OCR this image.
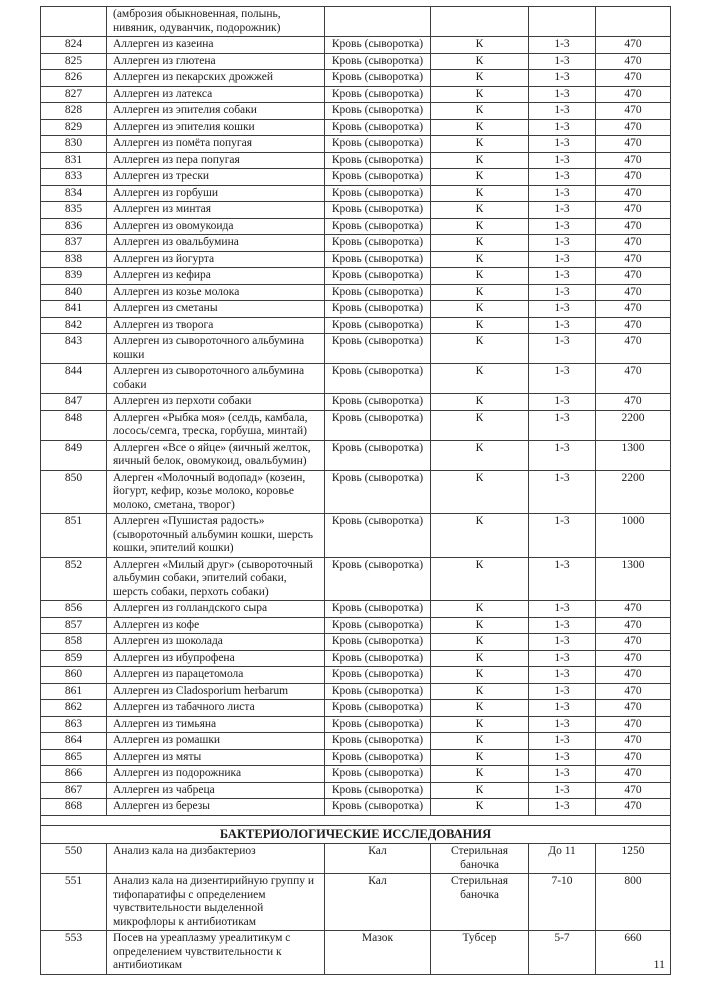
	(амброзия обыкновенная, полынь, нивяник, одуванчик, подорожник)				
824	Аллерген из казеина	Кровь (сыворотка)	К	1-3	470
825	Аллерген из глютена	Кровь (сыворотка)	К	1-3	470
826	Аллерген из пекарских дрожжей	Кровь (сыворотка)	К	1-3	470
827	Аллерген из латекса	Кровь (сыворотка)	К	1-3	470
828	Аллерген из эпителия собаки	Кровь (сыворотка)	К	1-3	470
829	Аллерген из эпителия кошки	Кровь (сыворотка)	К	1-3	470
830	Аллерген из помёта попугая	Кровь (сыворотка)	К	1-3	470
831	Аллерген из пера попугая	Кровь (сыворотка)	К	1-3	470
833	Аллерген из трески	Кровь (сыворотка)	К	1-3	470
834	Аллерген из горбуши	Кровь (сыворотка)	К	1-3	470
835	Аллерген из минтая	Кровь (сыворотка)	К	1-3	470
836	Аллерген из овомукоида	Кровь (сыворотка)	К	1-3	470
837	Аллерген из овальбумина	Кровь (сыворотка)	К	1-3	470
838	Аллерген из йогурта	Кровь (сыворотка)	К	1-3	470
839	Аллерген из кефира	Кровь (сыворотка)	К	1-3	470
840	Аллерген из козье молока	Кровь (сыворотка)	К	1-3	470
841	Аллерген из сметаны	Кровь (сыворотка)	К	1-3	470
842	Аллерген из творога	Кровь (сыворотка)	К	1-3	470
843	Аллерген из сывороточного альбумина кошки	Кровь (сыворотка)	К	1-3	470
844	Аллерген из сывороточного альбумина собаки	Кровь (сыворотка)	К	1-3	470
847	Аллерген из перхоти собаки	Кровь (сыворотка)	К	1-3	470
848	Аллерген «Рыбка моя» (селдь, камбала, лосось/семга, треска, горбуша, минтай)	Кровь (сыворотка)	К	1-3	2200
849	Аллерген «Все о яйце» (яичный желток, яичный белок, овомукоид, овальбумин)	Кровь (сыворотка)	К	1-3	1300
850	Алерген «Молочный водопад» (козеин, йогурт, кефир, козье молоко, коровье молоко, сметана, творог)	Кровь (сыворотка)	К	1-3	2200
851	Аллерген «Пушистая радость» (сывороточный альбумин кошки, шерсть кошки, эпителий кошки)	Кровь (сыворотка)	К	1-3	1000
852	Аллерген «Милый друг» (сывороточный альбумин собаки, эпителий собаки, шерсть собаки, перхоть собаки)	Кровь (сыворотка)	К	1-3	1300
856	Аллерген из голландского сыра	Кровь (сыворотка)	К	1-3	470
857	Аллерген из кофе	Кровь (сыворотка)	К	1-3	470
858	Аллерген из шоколада	Кровь (сыворотка)	К	1-3	470
859	Аллерген из ибупрофена	Кровь (сыворотка)	К	1-3	470
860	Аллерген из парацетомола	Кровь (сыворотка)	К	1-3	470
861	Аллерген из Cladosporium herbarum	Кровь (сыворотка)	К	1-3	470
862	Аллерген из табачного листа	Кровь (сыворотка)	К	1-3	470
863	Аллерген из тимьяна	Кровь (сыворотка)	К	1-3	470
864	Аллерген из ромашки	Кровь (сыворотка)	К	1-3	470
865	Аллерген из мяты	Кровь (сыворотка)	К	1-3	470
866	Аллерген из подорожника	Кровь (сыворотка)	К	1-3	470
867	Аллерген из чабреца	Кровь (сыворотка)	К	1-3	470
868	Аллерген из березы	Кровь (сыворотка)	К	1-3	470

БАКТЕРИОЛОГИЧЕСКИЕ ИССЛЕДОВАНИЯ					
550	Анализ кала на дизбактериоз	Кал	Стерильная баночка	До 11	1250
551	Анализ кала на дизентирийную группу и тифопаратифы с определением чувствительности выделенной микрофлоры к антибиотикам	Кал	Стерильная баночка	7-10	800
553	Посев на уреаплазму уреалитикум с определением чувствительности к антибиотикам	Мазок	Тубсер	5-7	660
11
